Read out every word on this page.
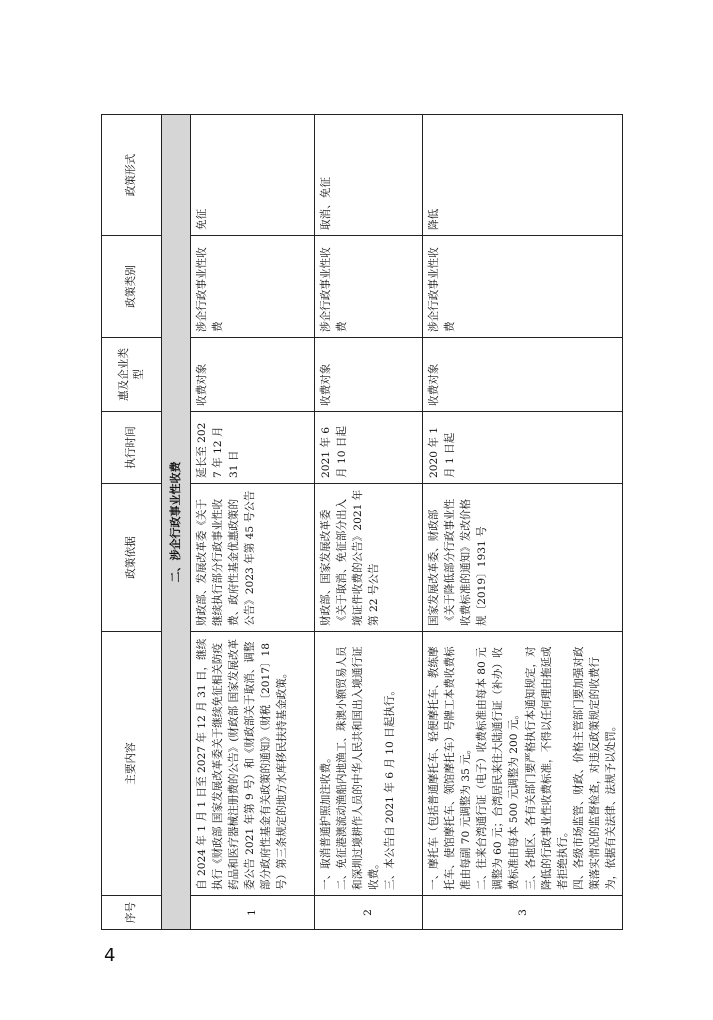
序号	主要内容	政策依据	执行时间	惠及企业类型	政策类别	政策形式
二、涉企行政事业性收费						
1	自 2024 年 1 月 1 日至 2027 年 12 月 31 日，继续执行《财政部 国家发展改革委关于继续免征相关防疫药品和医疗器械注册费的公告》(财政部 国家发展改革委公告 2021 年第 9 号）和《财政部关于取消、调整部分政府性基金有关政策的通知》（财税〔2017〕18 号）第三条规定的地方水库移民扶持基金政策。	财政部、发展改革委《关于继续执行部分行政事业性收费、政府性基金优惠政策的公告》2023 年第 45 号公告	延长至 2027 年 12 月 31 日	收费对象	涉企行政事业性收费	免征
2	一、取消普通护照加注收费。 二、免征港澳流动渔船内地渔工、珠澳小额贸易人员和深圳过境耕作人员的中华人民共和国出入境通行证收费。 三、本公告自 2021 年 6 月 10 日起执行。	财政部、国家发展改革委《关于取消、免征部分出入境证件收费的公告》2021 年第 22 号公告	2021 年 6 月 10 日起	收费对象	涉企行政事业性收费	取消、免征
3	一、摩托车（包括普通摩托车、轻便摩托车、教练摩托车、使馆摩托车、领馆摩托车）号牌工本费收费标准由每副 70 元调整为 35 元。 二、往来台湾通行证（电子）收费标准由每本 80 元调整为 60 元；台湾居民来往大陆通行证（补办）收费标准由每本 500 元调整为 200 元。 三、各地区、各有关部门要严格执行本通知规定，对降低的行政事业性收费标准，不得以任何理由拖延或者拒绝执行。 四、各级市场监管、财政、价格主管部门要加强对政策落实情况的监督检查，对违反政策规定的收费行为，依据有关法律、法规予以处罚。	国家发展改革委、财政部《关于降低部分行政事业性收费标准的通知》发改价格规〔2019〕1931 号	2020 年 1 月 1 日起	收费对象	涉企行政事业性收费	降低
4
